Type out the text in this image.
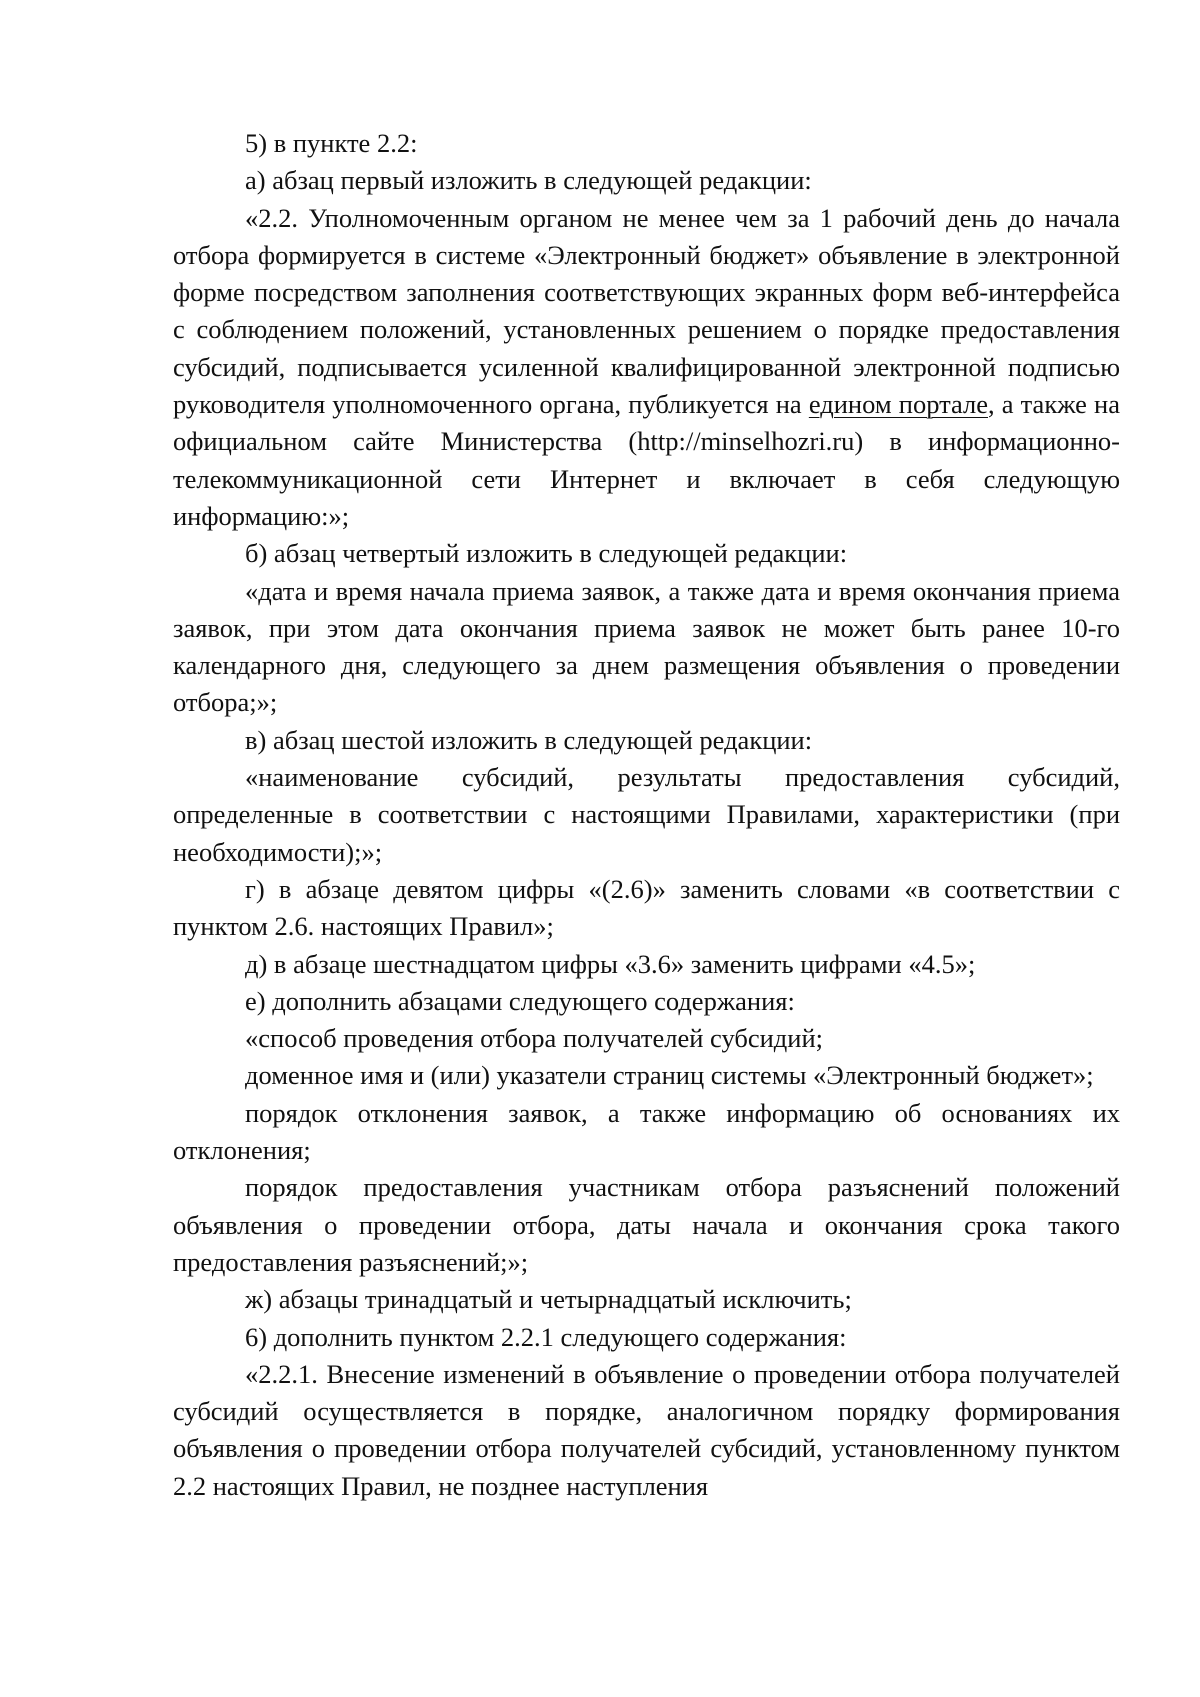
5) в пункте 2.2:

а) абзац первый изложить в следующей редакции:

«2.2. Уполномоченным органом не менее чем за 1 рабочий день до начала отбора формируется в системе «Электронный бюджет» объявление в электронной форме посредством заполнения соответствующих экранных форм веб-интерфейса с соблюдением положений, установленных решением о порядке предоставления субсидий, подписывается усиленной квалифицированной электронной подписью руководителя уполномоченного органа, публикуется на едином портале, а также на официальном сайте Министерства (http://minselhozri.ru) в информационно-телекоммуникационной сети Интернет и включает в себя следующую информацию:»;

б) абзац четвертый изложить в следующей редакции:

«дата и время начала приема заявок, а также дата и время окончания приема заявок, при этом дата окончания приема заявок не может быть ранее 10-го календарного дня, следующего за днем размещения объявления о проведении отбора;»;

в) абзац шестой изложить в следующей редакции:

«наименование субсидий, результаты предоставления субсидий, определенные в соответствии с настоящими Правилами, характеристики (при необходимости);»;

г) в абзаце девятом цифры «(2.6)» заменить словами «в соответствии с пунктом 2.6. настоящих Правил»;

д) в абзаце шестнадцатом цифры «3.6» заменить цифрами «4.5»;

е) дополнить абзацами следующего содержания:

«способ проведения отбора получателей субсидий;

доменное имя и (или) указатели страниц системы «Электронный бюджет»;

порядок отклонения заявок, а также информацию об основаниях их отклонения;

порядок предоставления участникам отбора разъяснений положений объявления о проведении отбора, даты начала и окончания срока такого предоставления разъяснений;»;

ж) абзацы тринадцатый и четырнадцатый исключить;

6) дополнить пунктом 2.2.1 следующего содержания:

«2.2.1. Внесение изменений в объявление о проведении отбора получателей субсидий осуществляется в порядке, аналогичном порядку формирования объявления о проведении отбора получателей субсидий, установленному пунктом 2.2 настоящих Правил, не позднее наступления
